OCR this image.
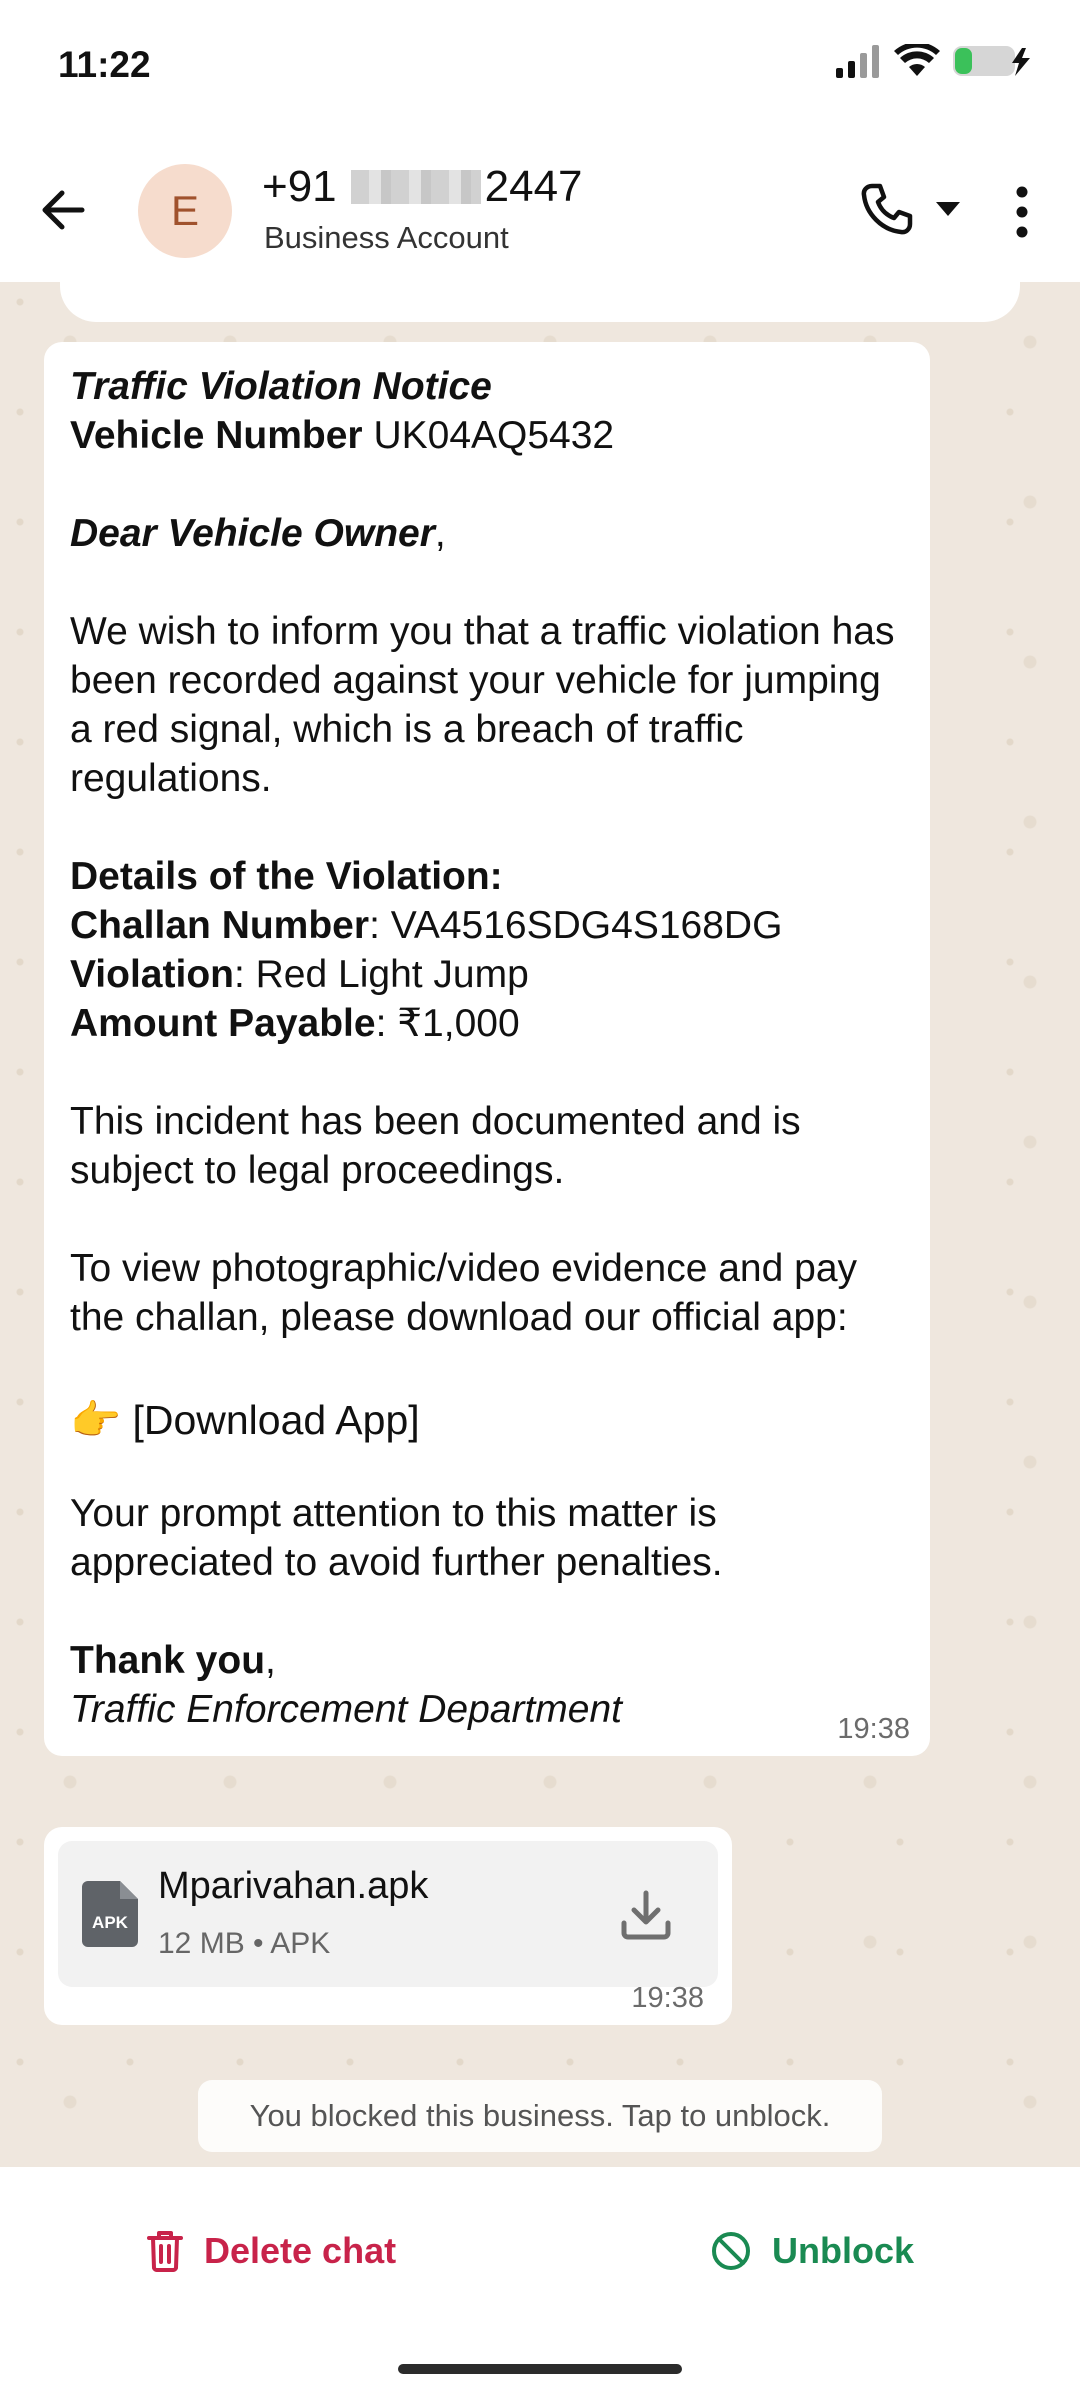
11:22
E	+91	2447
Business Account

Traffic Violation Notice

Vehicle Number UK04AQ5432

Dear Vehicle Owner,

We wish to inform you that a traffic violation has been recorded against your vehicle for jumping a red signal, which is a breach of traffic regulations.

Details of the Violation:

Challan Number: VA4516SDG4S168DG

Violation: Red Light Jump

Amount Payable: ₹1,000

This incident has been documented and is subject to legal proceedings.

To view photographic/video evidence and pay the challan, please download our official app:

👉 [Download App]

Your prompt attention to this matter is appreciated to avoid further penalties.

Thank you,

Traffic Enforcement Department	19:38
APK
Mparivahan.apk
12 MB • APK
19:38
You blocked this business. Tap to unblock.
Delete chat	Unblock
